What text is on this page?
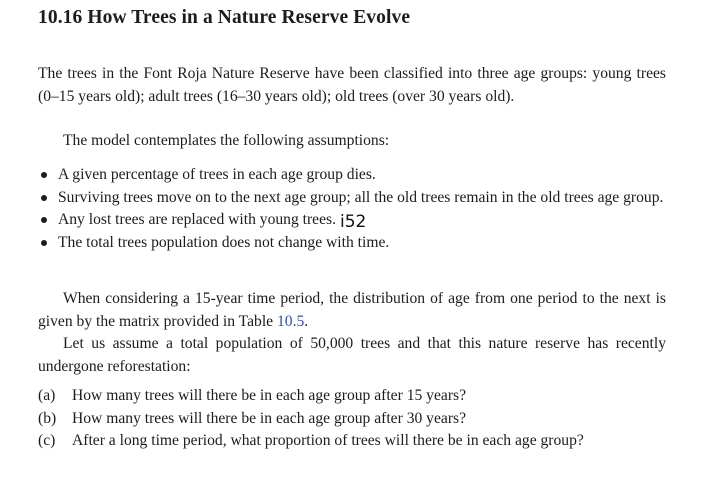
10.16 How Trees in a Nature Reserve Evolve
The trees in the Font Roja Nature Reserve have been classified into three age groups: young trees (0–15 years old); adult trees (16–30 years old); old trees (over 30 years old).
The model contemplates the following assumptions:
A given percentage of trees in each age group dies.
Surviving trees move on to the next age group; all the old trees remain in the old trees age group.
Any lost trees are replaced with young trees.
The total trees population does not change with time.
i52
When considering a 15-year time period, the distribution of age from one period to the next is given by the matrix provided in Table 10.5.
Let us assume a total population of 50,000 trees and that this nature reserve has recently undergone reforestation:
(a) How many trees will there be in each age group after 15 years?
(b) How many trees will there be in each age group after 30 years?
(c) After a long time period, what proportion of trees will there be in each age group?
